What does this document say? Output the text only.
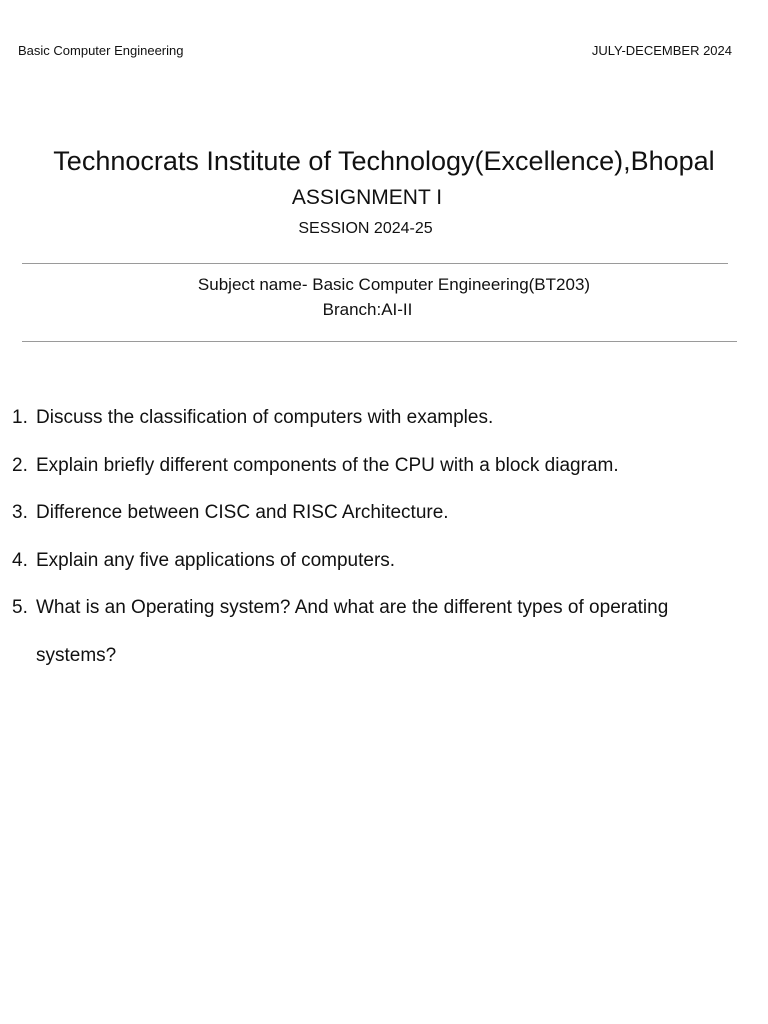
Basic Computer Engineering	JULY-DECEMBER 2024
Technocrats Institute of Technology(Excellence),Bhopal
ASSIGNMENT I
SESSION 2024-25
Subject name- Basic Computer Engineering(BT203)
Branch:AI-II
1. Discuss the classification of computers with examples.
2. Explain briefly different components of the CPU with a block diagram.
3. Difference between CISC and RISC Architecture.
4. Explain any five applications of computers.
5. What is an Operating system? And what are the different types of operating systems?
